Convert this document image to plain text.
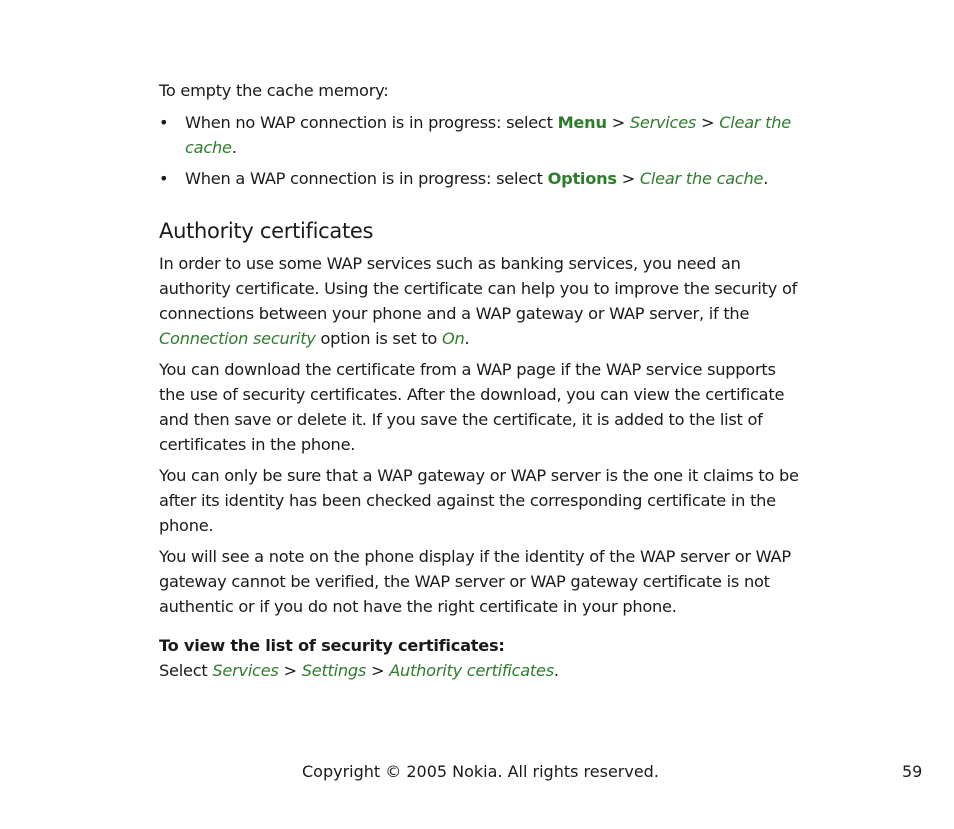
To empty the cache memory:

• When no WAP connection is in progress: select Menu > Services > Clear the cache.
• When a WAP connection is in progress: select Options > Clear the cache.
Authority certificates

In order to use some WAP services such as banking services, you need an authority certificate. Using the certificate can help you to improve the security of connections between your phone and a WAP gateway or WAP server, if the Connection security option is set to On.

You can download the certificate from a WAP page if the WAP service supports the use of security certificates. After the download, you can view the certificate and then save or delete it. If you save the certificate, it is added to the list of certificates in the phone.

You can only be sure that a WAP gateway or WAP server is the one it claims to be after its identity has been checked against the corresponding certificate in the phone.

You will see a note on the phone display if the identity of the WAP server or WAP gateway cannot be verified, the WAP server or WAP gateway certificate is not authentic or if you do not have the right certificate in your phone.

To view the list of security certificates:

Select Services > Settings > Authority certificates.

Copyright © 2005 Nokia. All rights reserved.	59
